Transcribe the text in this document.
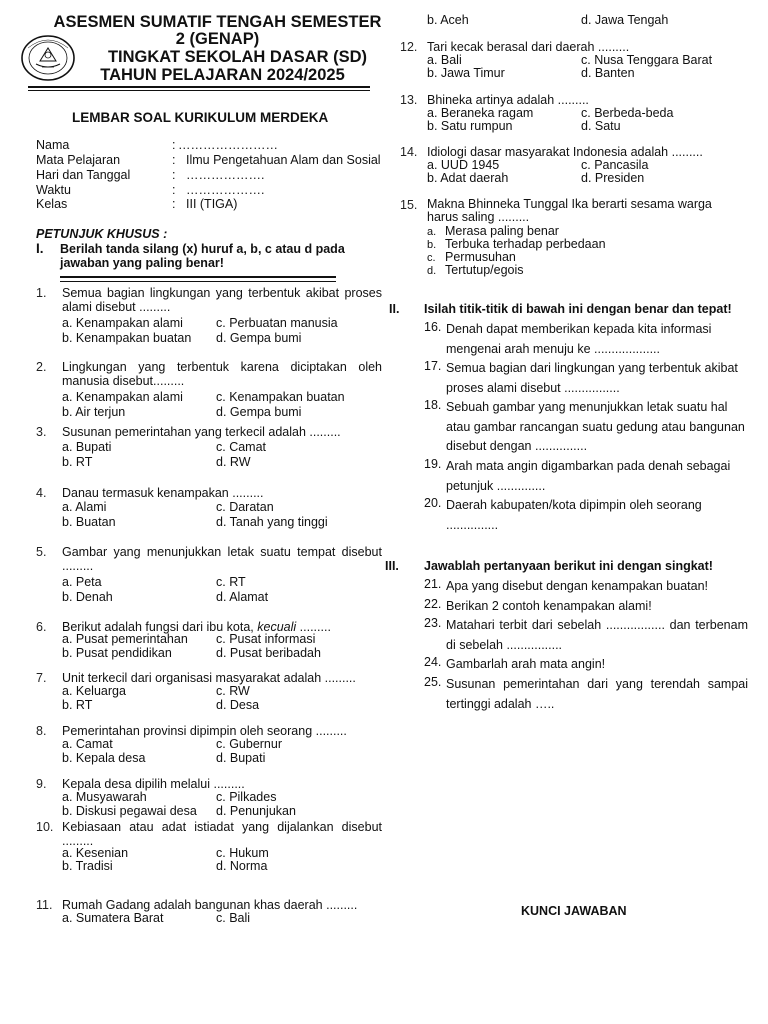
ASESMEN SUMATIF TENGAH SEMESTER
2 (GENAP)
TINGKAT SEKOLAH DASAR (SD)
TAHUN PELAJARAN 2024/2025
LEMBAR SOAL KURIKULUM MERDEKA
Nama	: ……………………
Mata Pelajaran	: Ilmu Pengetahuan Alam dan Sosial
Hari dan Tanggal	: ……………….
Waktu	: ……………….
Kelas	: III (TIGA)
PETUNJUK KHUSUS :
I. Berilah tanda silang (x) huruf a, b, c atau d pada jawaban yang paling benar!
1. Semua bagian lingkungan yang terbentuk akibat proses alami disebut .........
a. Kenampakan alami	c. Perbuatan manusia
b. Kenampakan buatan d. Gempa bumi
2. Lingkungan yang terbentuk karena diciptakan oleh manusia disebut.........
a. Kenampakan alami	c. Kenampakan buatan
b. Air terjun	d. Gempa bumi
3. Susunan pemerintahan yang terkecil adalah .........
a. Bupati	c. Camat
b. RT	d. RW
4. Danau termasuk kenampakan .........
a. Alami	c. Daratan
b. Buatan	d. Tanah yang tinggi
5. Gambar yang menunjukkan letak suatu tempat disebut .........
a. Peta	c. RT
b. Denah	d. Alamat
6. Berikut adalah fungsi dari ibu kota, kecuali .........
a. Pusat pemerintahan c. Pusat informasi
b. Pusat pendidikan	d. Pusat beribadah
7. Unit terkecil dari organisasi masyarakat adalah .........
a. Keluarga	c. RW
b. RT	d. Desa
8. Pemerintahan provinsi dipimpin oleh seorang .........
a. Camat	c. Gubernur
b. Kepala desa	d. Bupati
9. Kepala desa dipilih melalui .........
a. Musyawarah	c. Pilkades
b. Diskusi pegawai desa d. Penunjukan
10. Kebiasaan atau adat istiadat yang dijalankan disebut .........
a. Kesenian	c. Hukum
b. Tradisi	d. Norma
11. Rumah Gadang adalah bangunan khas daerah .........
a. Sumatera Barat	c. Bali
b. Aceh	d. Jawa Tengah
12. Tari kecak berasal dari daerah .........
a. Bali	c. Nusa Tenggara Barat
b. Jawa Timur	d. Banten
13. Bhineka artinya adalah .........
a. Beraneka ragam	c. Berbeda-beda
b. Satu rumpun	d. Satu
14. Idiologi dasar masyarakat Indonesia adalah .........
a. UUD 1945	c. Pancasila
b. Adat daerah	d. Presiden
15. Makna Bhinneka Tunggal Ika berarti sesama warga harus saling .........
a. Merasa paling benar
b. Terbuka terhadap perbedaan
c. Permusuhan
d. Tertutup/egois
II. Isilah titik-titik di bawah ini dengan benar dan tepat!
16. Denah dapat memberikan kepada kita informasi mengenai arah menuju ke ...................
17. Semua bagian dari lingkungan yang terbentuk akibat proses alami disebut ................
18. Sebuah gambar yang menunjukkan letak suatu hal atau gambar rancangan suatu gedung atau bangunan disebut dengan ...............
19. Arah mata angin digambarkan pada denah sebagai petunjuk ..............
20. Daerah kabupaten/kota dipimpin oleh seorang ...............
III. Jawablah pertanyaan berikut ini dengan singkat!
21. Apa yang disebut dengan kenampakan buatan!
22. Berikan 2 contoh kenampakan alami!
23. Matahari terbit dari sebelah ................. dan terbenam di sebelah ................
24. Gambarlah arah mata angin!
25. Susunan pemerintahan dari yang terendah sampai tertinggi adalah …..
KUNCI JAWABAN
